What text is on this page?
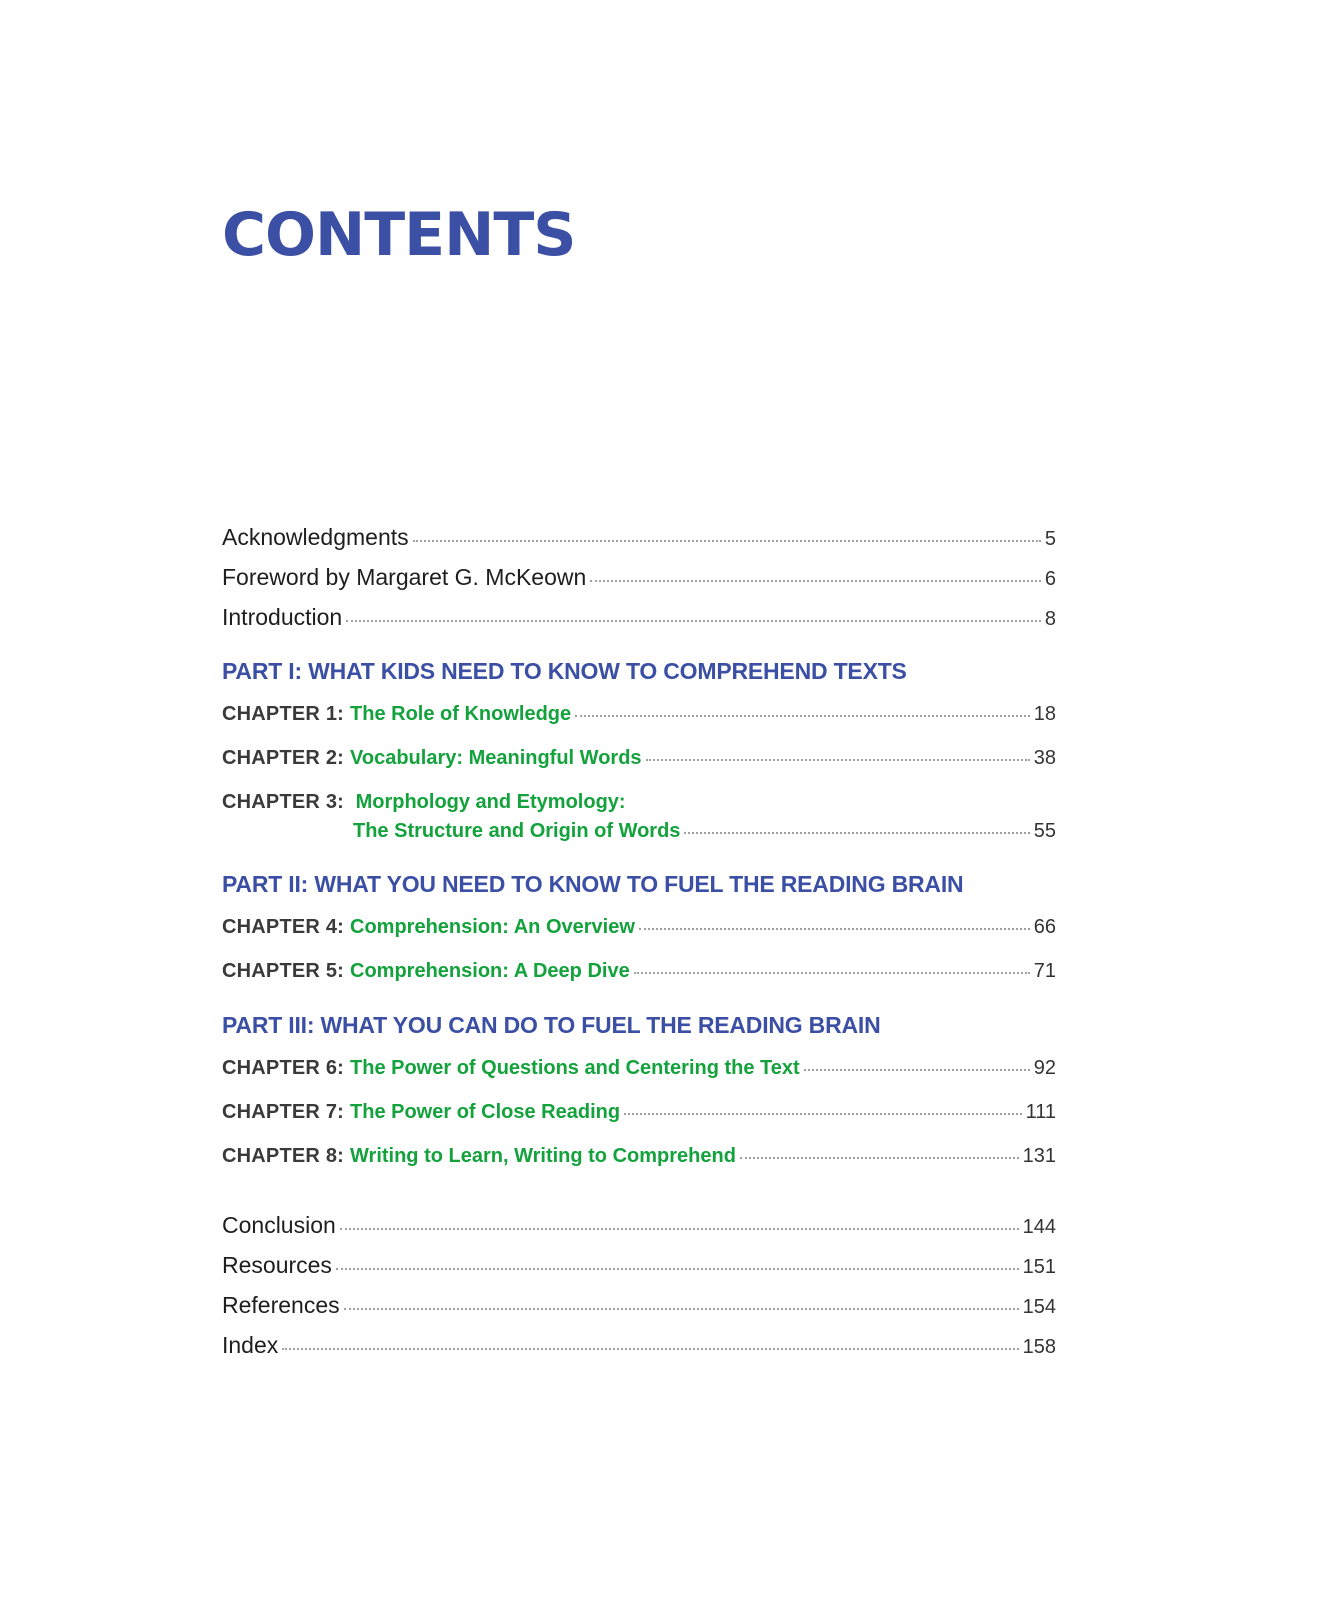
CONTENTS
Acknowledgments	5
Foreword by Margaret G. McKeown	6
Introduction	8
PART I: WHAT KIDS NEED TO KNOW TO COMPREHEND TEXTS
CHAPTER 1: The Role of Knowledge	18
CHAPTER 2: Vocabulary: Meaningful Words	38
CHAPTER 3: Morphology and Etymology:
The Structure and Origin of Words	55
PART II: WHAT YOU NEED TO KNOW TO FUEL THE READING BRAIN
CHAPTER 4: Comprehension: An Overview	66
CHAPTER 5: Comprehension: A Deep Dive	71
PART III: WHAT YOU CAN DO TO FUEL THE READING BRAIN
CHAPTER 6: The Power of Questions and Centering the Text	92
CHAPTER 7: The Power of Close Reading	111
CHAPTER 8: Writing to Learn, Writing to Comprehend	131
Conclusion	144
Resources	151
References	154
Index	158
